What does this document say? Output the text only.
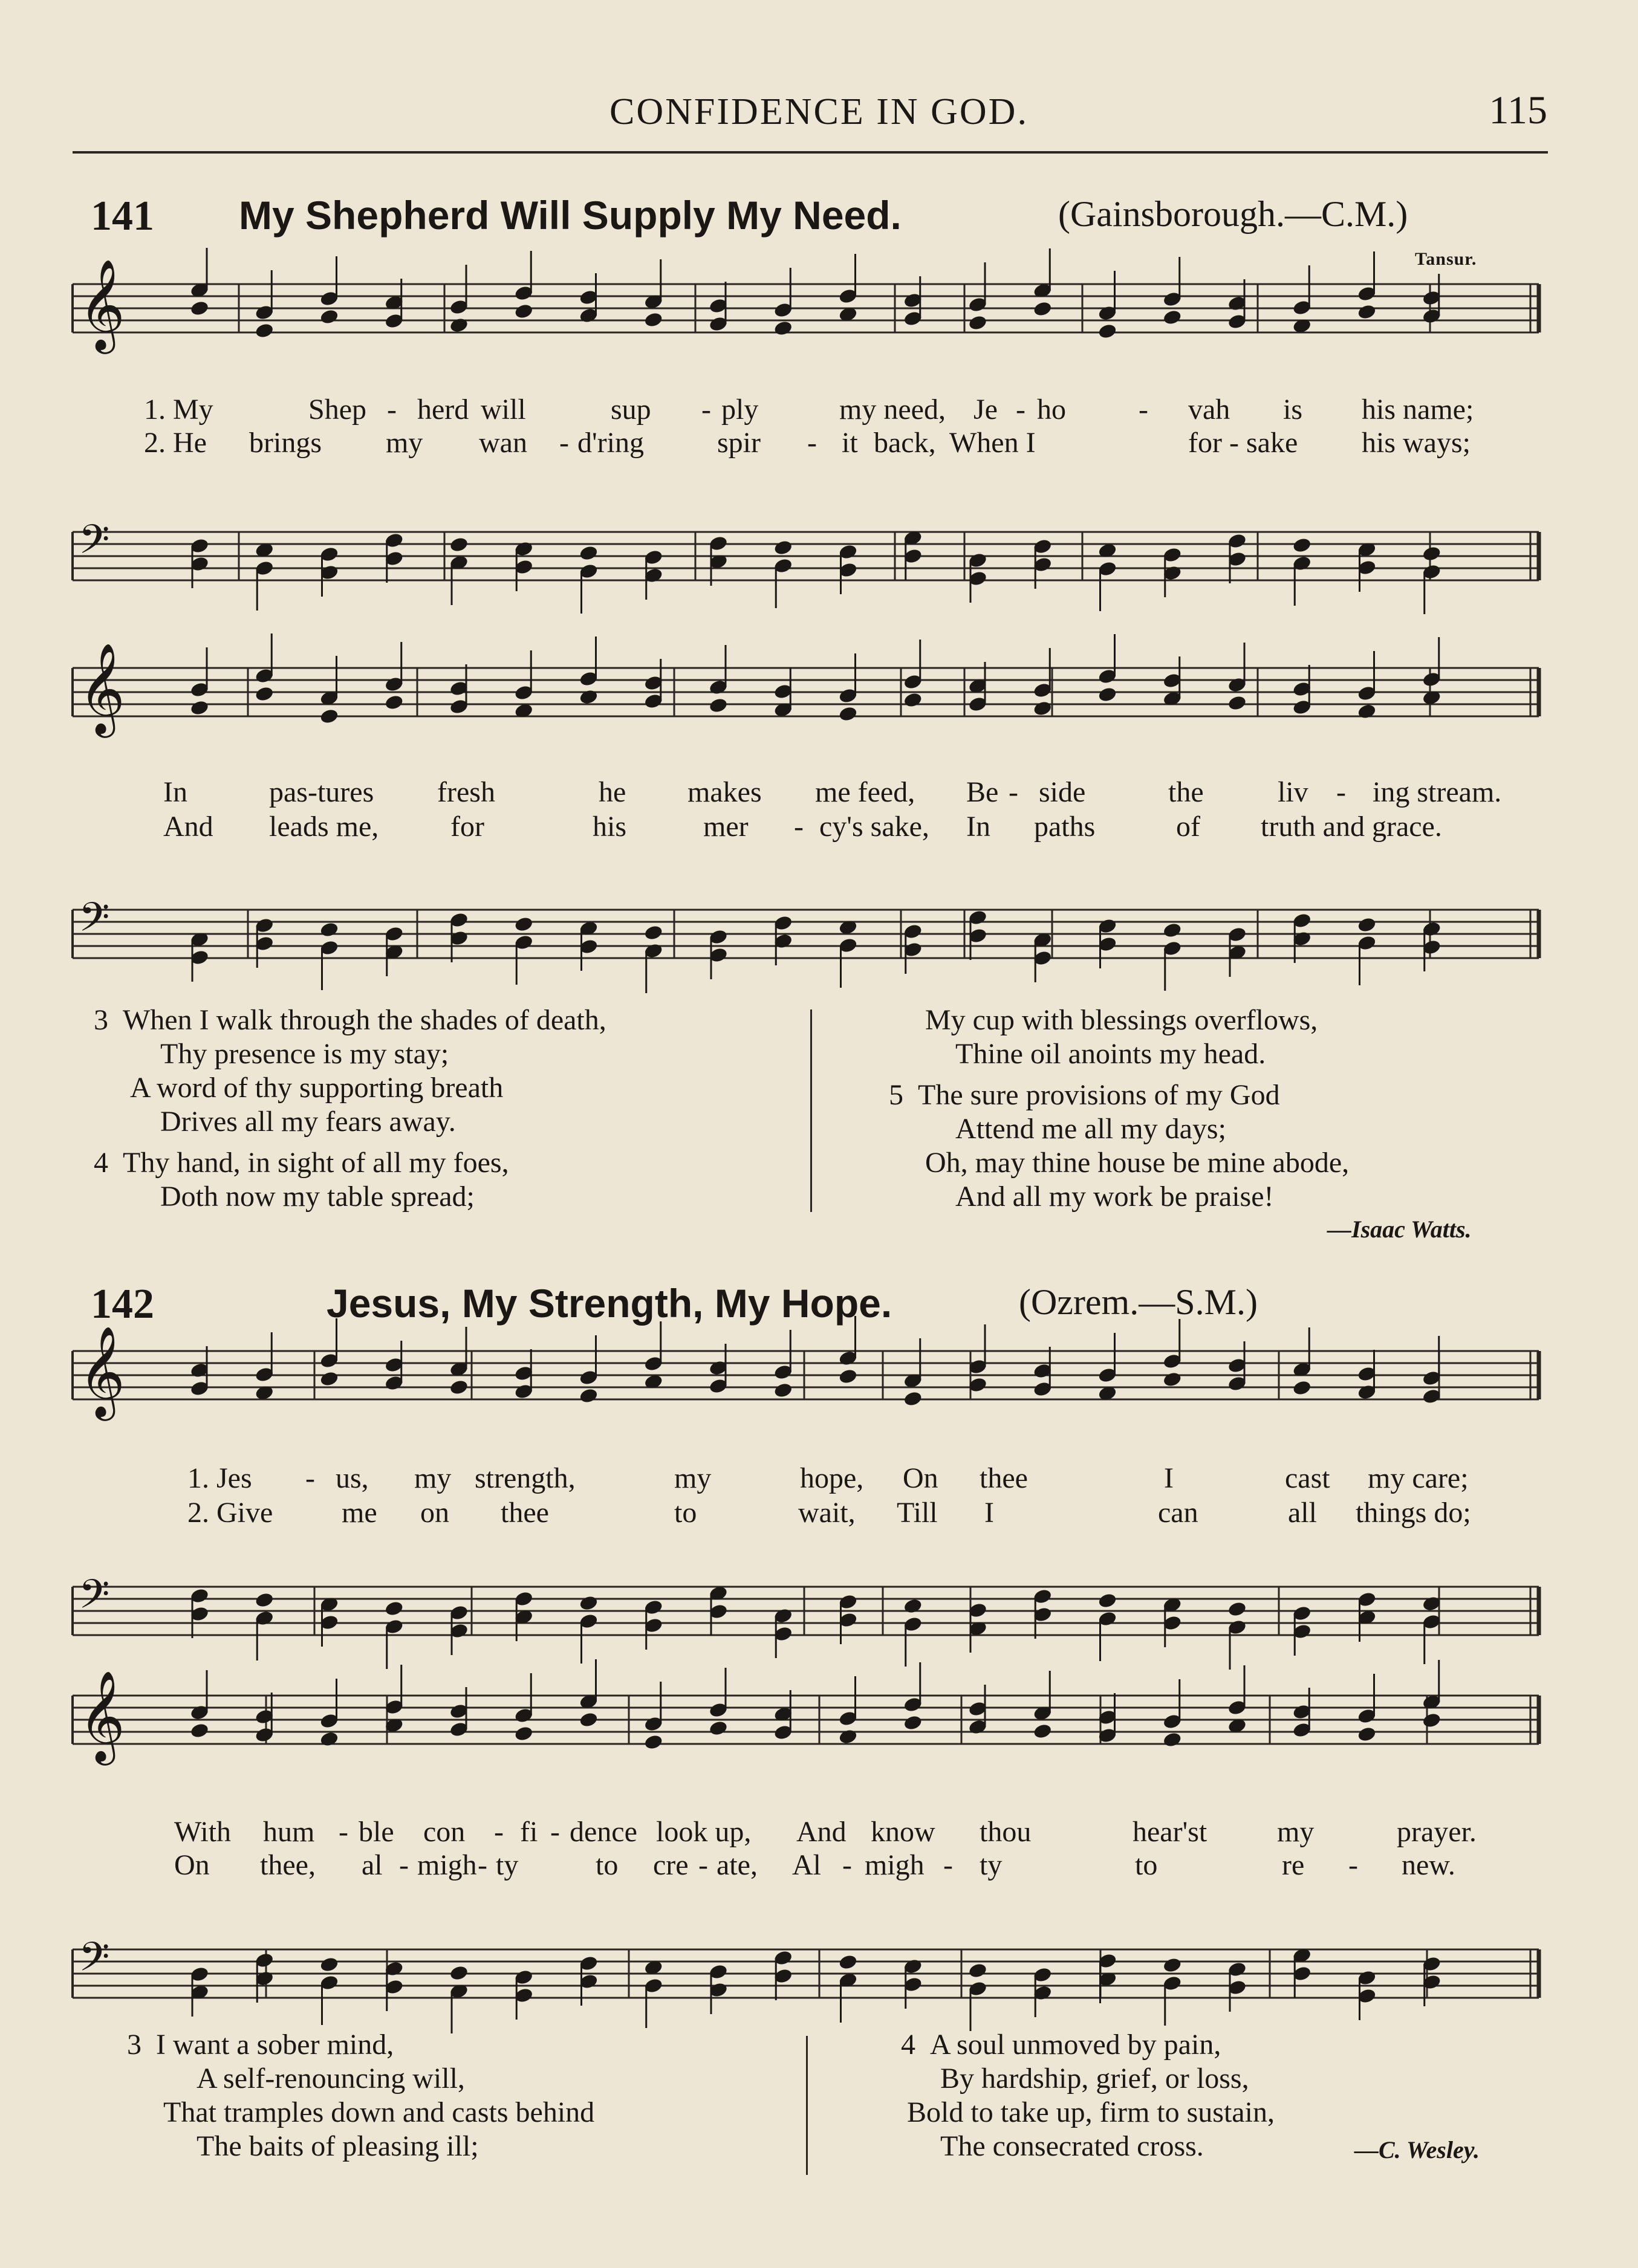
CONFIDENCE IN GOD.	115
141 My Shepherd Will Supply My Need.	(Gainsborough.—C.M.)
Tansur.
𝄞
𝄢
𝄞
𝄢
𝄞
𝄢
𝄞
𝄢
1. My	Shep - herd will	sup - ply	my need, Je - ho	- vah is his name;
2. He brings my wan - d'ring	spir - it back, When I	for - sake his ways;
In	pas-tures fresh	he makes me feed, Be - side	the	liv - ing stream.
And leads me, for	his	mer - cy's sake, In paths	of truth and grace.
3 When I walk through the shades of death,
Thy presence is my stay;
A word of thy supporting breath
Drives all my fears away.
4 Thy hand, in sight of all my foes,
Doth now my table spread;
My cup with blessings overflows,
Thine oil anoints my head.
5 The sure provisions of my God
Attend me all my days;
Oh, may thine house be mine abode,
And all my work be praise!
—Isaac Watts.
142	Jesus, My Strength, My Hope.	(Ozrem.—S.M.)
1. Jes - us, my strength,	my	hope, On thee	I	cast my care;
2. Give me on thee	to	wait, Till I	can	all things do;
With hum - ble con - fi - dence look up, And know thou	hear'st my	prayer.
On thee, al - migh - ty	to cre - ate, Al - migh - ty	to	re - new.
3 I want a sober mind,
A self-renouncing will,
That tramples down and casts behind
The baits of pleasing ill;
4 A soul unmoved by pain,
By hardship, grief, or loss,
Bold to take up, firm to sustain,
The consecrated cross.	—C. Wesley.
